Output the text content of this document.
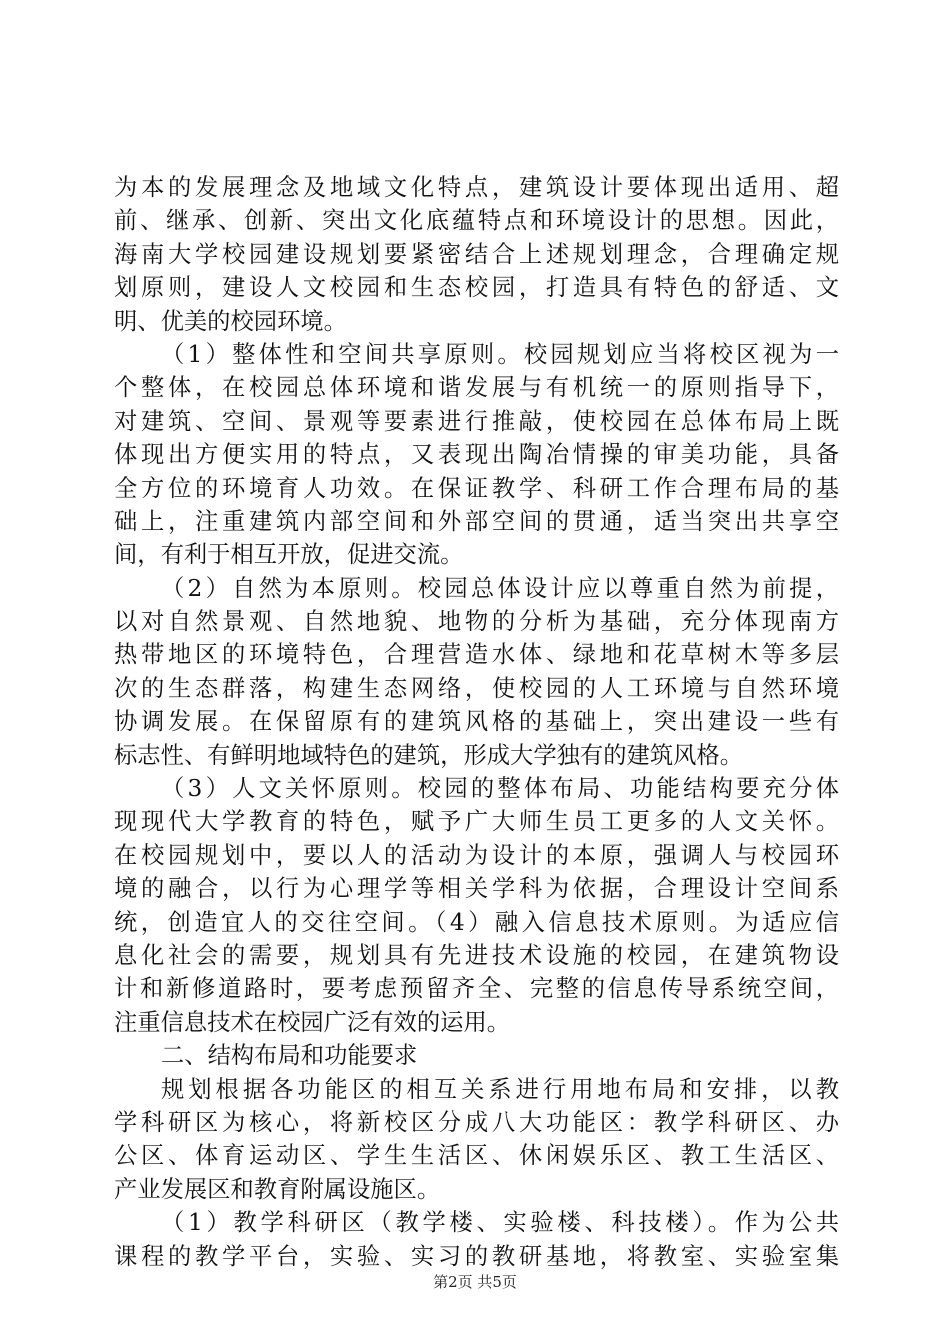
为本的发展理念及地域文化特点，建筑设计要体现出适用、超
前、继承、创新、突出文化底蕴特点和环境设计的思想。因此，
海南大学校园建设规划要紧密结合上述规划理念，合理确定规
划原则，建设人文校园和生态校园，打造具有特色的舒适、文
明、优美的校园环境。
（1）整体性和空间共享原则。校园规划应当将校区视为一
个整体，在校园总体环境和谐发展与有机统一的原则指导下，
对建筑、空间、景观等要素进行推敲，使校园在总体布局上既
体现出方便实用的特点，又表现出陶冶情操的审美功能，具备
全方位的环境育人功效。在保证教学、科研工作合理布局的基
础上，注重建筑内部空间和外部空间的贯通，适当突出共享空
间，有利于相互开放，促进交流。
（2）自然为本原则。校园总体设计应以尊重自然为前提，
以对自然景观、自然地貌、地物的分析为基础，充分体现南方
热带地区的环境特色，合理营造水体、绿地和花草树木等多层
次的生态群落，构建生态网络，使校园的人工环境与自然环境
协调发展。在保留原有的建筑风格的基础上，突出建设一些有
标志性、有鲜明地域特色的建筑，形成大学独有的建筑风格。
（3）人文关怀原则。校园的整体布局、功能结构要充分体
现现代大学教育的特色，赋予广大师生员工更多的人文关怀。
在校园规划中，要以人的活动为设计的本原，强调人与校园环
境的融合，以行为心理学等相关学科为依据，合理设计空间系
统，创造宜人的交往空间。（4）融入信息技术原则。为适应信
息化社会的需要，规划具有先进技术设施的校园，在建筑物设
计和新修道路时，要考虑预留齐全、完整的信息传导系统空间，
注重信息技术在校园广泛有效的运用。
二、结构布局和功能要求
规划根据各功能区的相互关系进行用地布局和安排，以教
学科研区为核心，将新校区分成八大功能区：教学科研区、办
公区、体育运动区、学生生活区、休闲娱乐区、教工生活区、
产业发展区和教育附属设施区。
（1）教学科研区（教学楼、实验楼、科技楼）。作为公共
课程的教学平台，实验、实习的教研基地，将教室、实验室集
第2页 共5页
